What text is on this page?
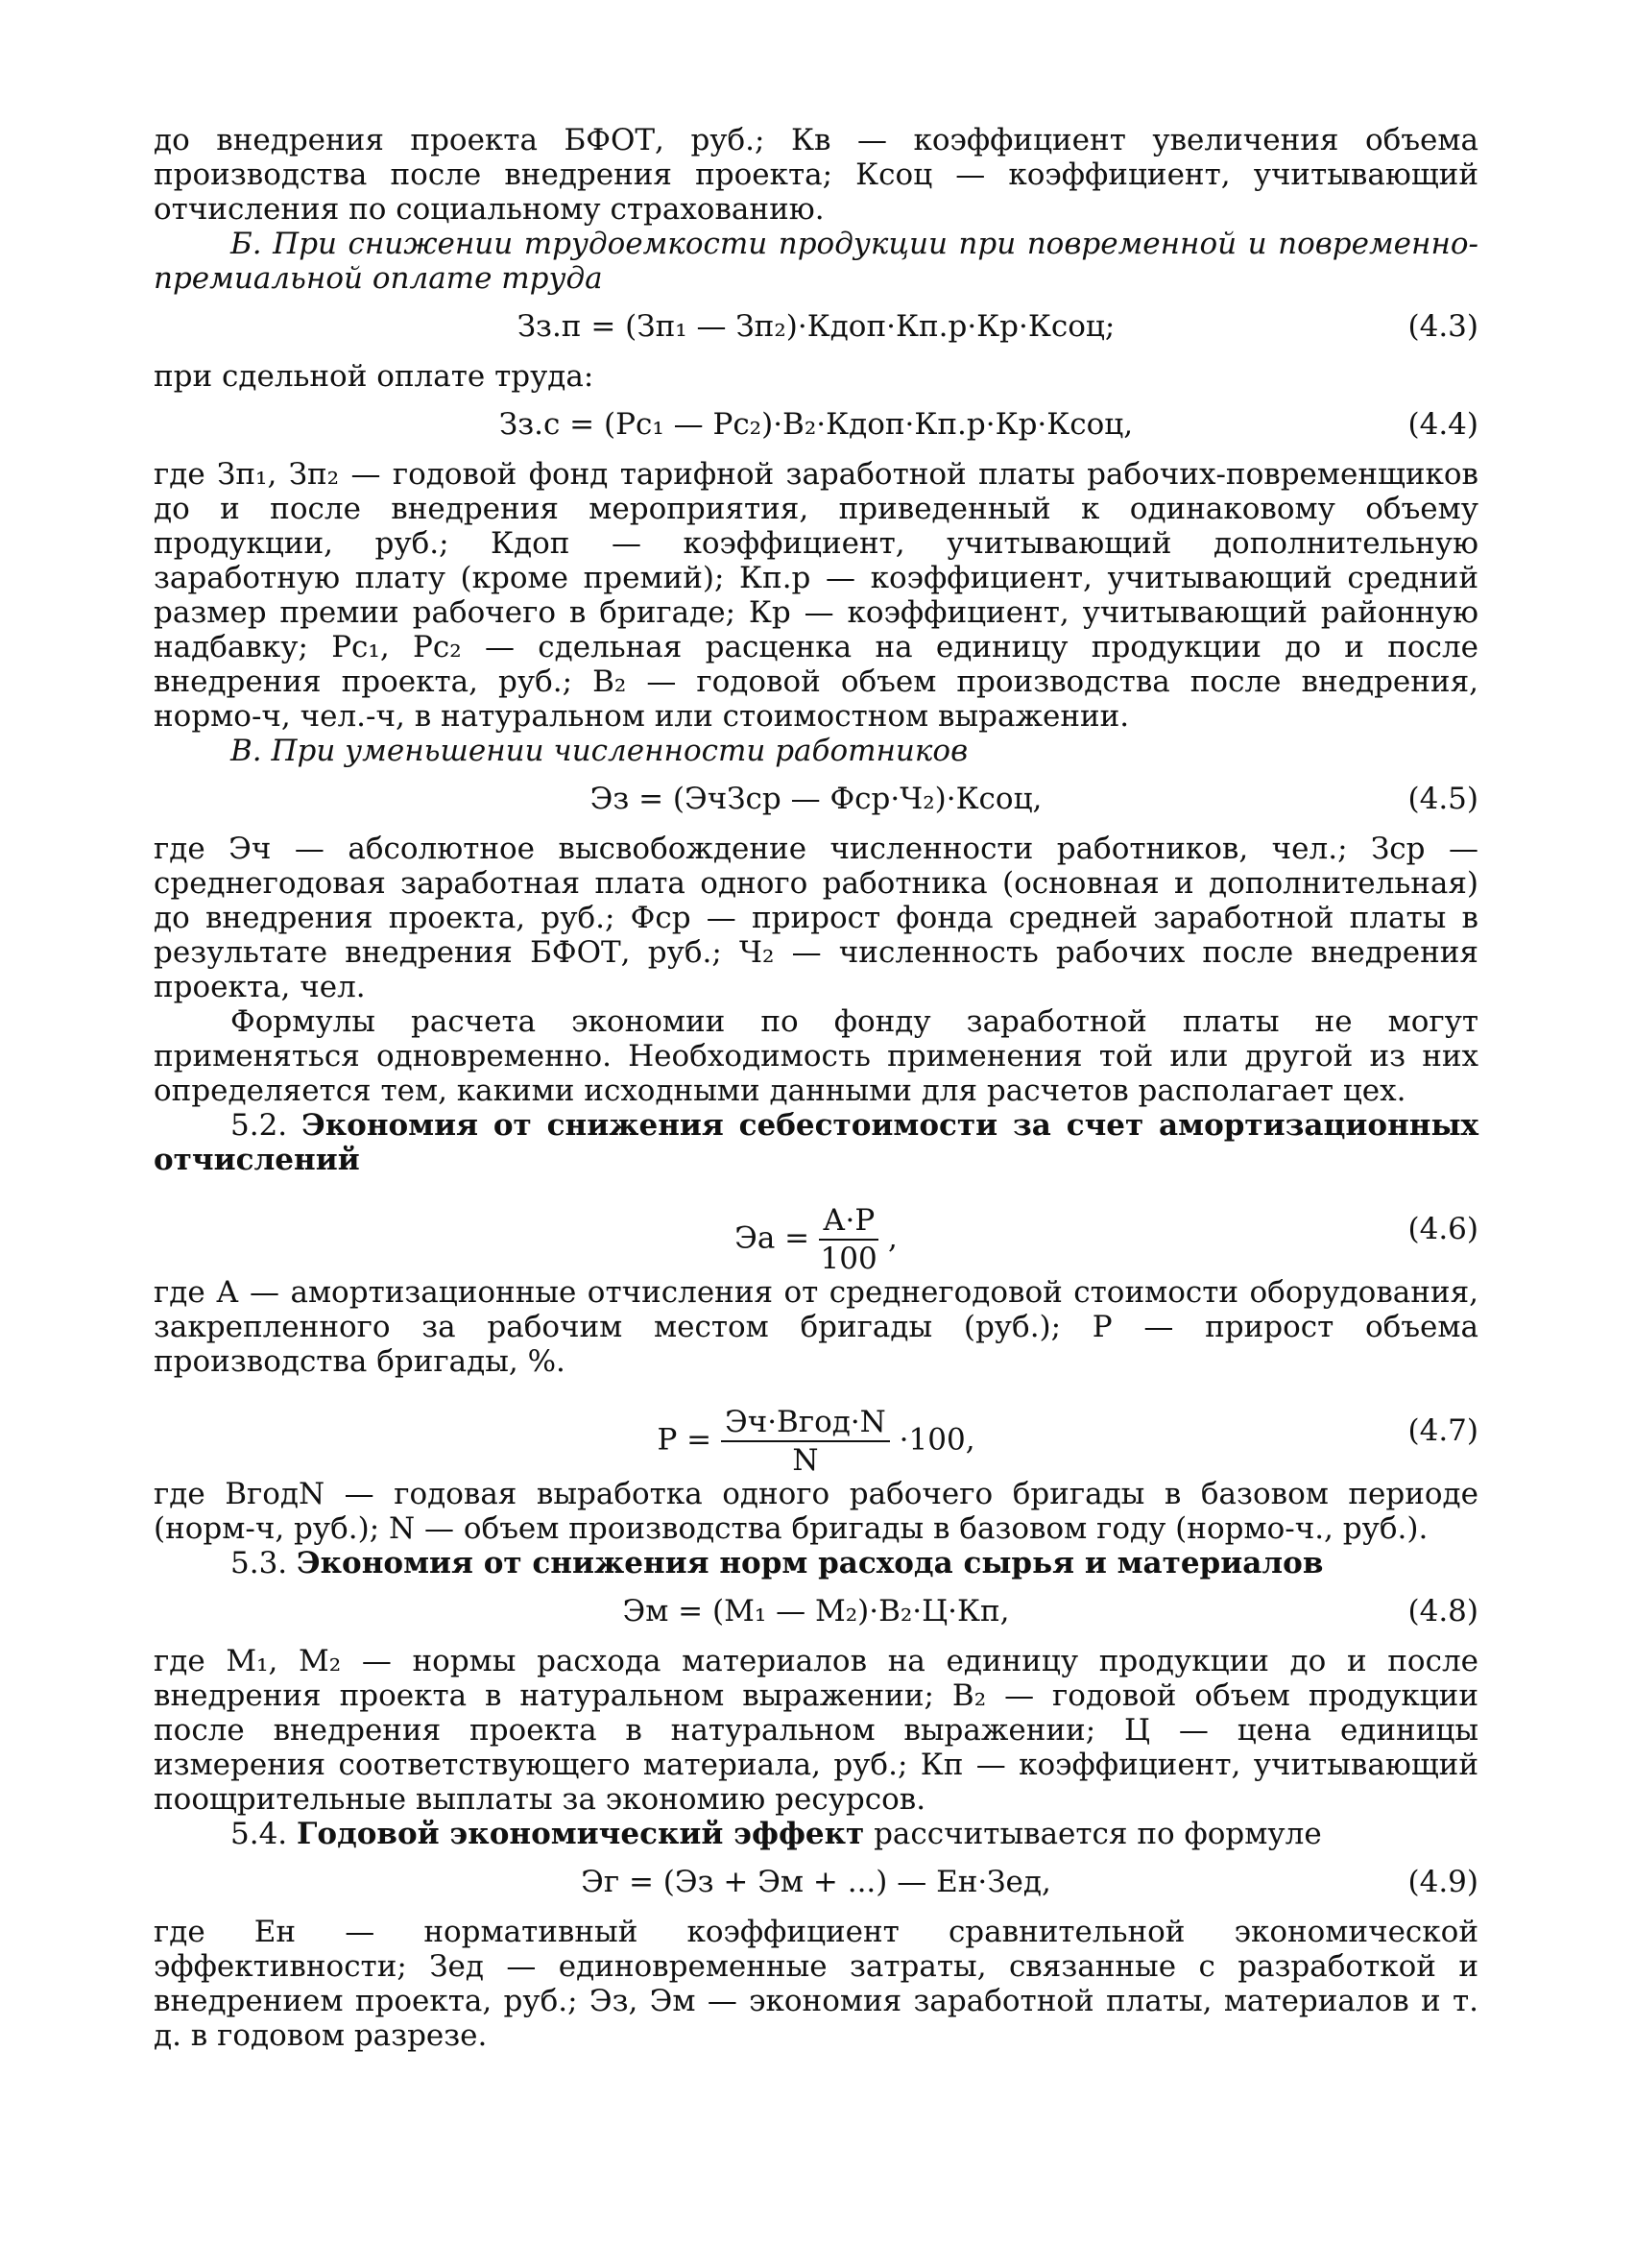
до внедрения проекта БФОТ, руб.; Кв — коэффициент увеличения объема производства после внедрения проекта; Ксоц — коэффициент, учитывающий отчисления по социальному страхованию.

Б. При снижении трудоемкости продукции при повременной и повременно-премиальной оплате труда

Зз.п = (Зп₁ — Зп₂)·Кдоп·Кп.р·Кр·Ксоц;	(4.3)

при сдельной оплате труда:

Зз.с = (Рс₁ — Рс₂)·В₂·Кдоп·Кп.р·Кр·Ксоц,	(4.4)

где Зп₁, Зп₂ — годовой фонд тарифной заработной платы рабочих-повременщиков до и после внедрения мероприятия, приведенный к одинаковому объему продукции, руб.; Кдоп — коэффициент, учитывающий дополнительную заработную плату (кроме премий); Кп.р — коэффициент, учитывающий средний размер премии рабочего в бригаде; Кр — коэффициент, учитывающий районную надбавку; Рс₁, Рс₂ — сдельная расценка на единицу продукции до и после внедрения проекта, руб.; В₂ — годовой объем производства после внедрения, нормо-ч, чел.-ч, в натуральном или стоимостном выражении.

В. При уменьшении численности работников

Эз = (ЭчЗср — Фср·Ч₂)·Ксоц,	(4.5)

где Эч — абсолютное высвобождение численности работников, чел.; Зср — среднегодовая заработная плата одного работника (основная и дополнительная) до внедрения проекта, руб.; Фср — прирост фонда средней заработной платы в результате внедрения БФОТ, руб.; Ч₂ — численность рабочих после внедрения проекта, чел.

Формулы расчета экономии по фонду заработной платы не могут применяться одновременно. Необходимость применения той или другой из них определяется тем, какими исходными данными для расчетов располагает цех.

5.2. Экономия от снижения себестоимости за счет амортизационных отчислений

Эа = $\frac{А\cdot Р}{100}$ ,	(4.6)

где А — амортизационные отчисления от среднегодовой стоимости оборудования, закрепленного за рабочим местом бригады (руб.); Р — прирост объема производства бригады, %.

$Р = \frac{\text{Эч·Вгод·N}}{N} \cdot 100$,	(4.7)

где ВгодN — годовая выработка одного рабочего бригады в базовом периоде (норм-ч, руб.); N — объем производства бригады в базовом году (нормо-ч., руб.).

5.3. Экономия от снижения норм расхода сырья и материалов

Эм = (М₁ — М₂)·В₂·Ц·Кп,	(4.8)

где М₁, М₂ — нормы расхода материалов на единицу продукции до и после внедрения проекта в натуральном выражении; В₂ — годовой объем продукции после внедрения проекта в натуральном выражении; Ц — цена единицы измерения соответствующего материала, руб.; Кп — коэффициент, учитывающий поощрительные выплаты за экономию ресурсов.

5.4. Годовой экономический эффект рассчитывается по формуле

Эг = (Эз + Эм + ...) — Ен·Зед,	(4.9)

где Ен — нормативный коэффициент сравнительной экономической эффективности; Зед — единовременные затраты, связанные с разработкой и внедрением проекта, руб.; Эз, Эм — экономия заработной платы, материалов и т. д. в годовом разрезе.
